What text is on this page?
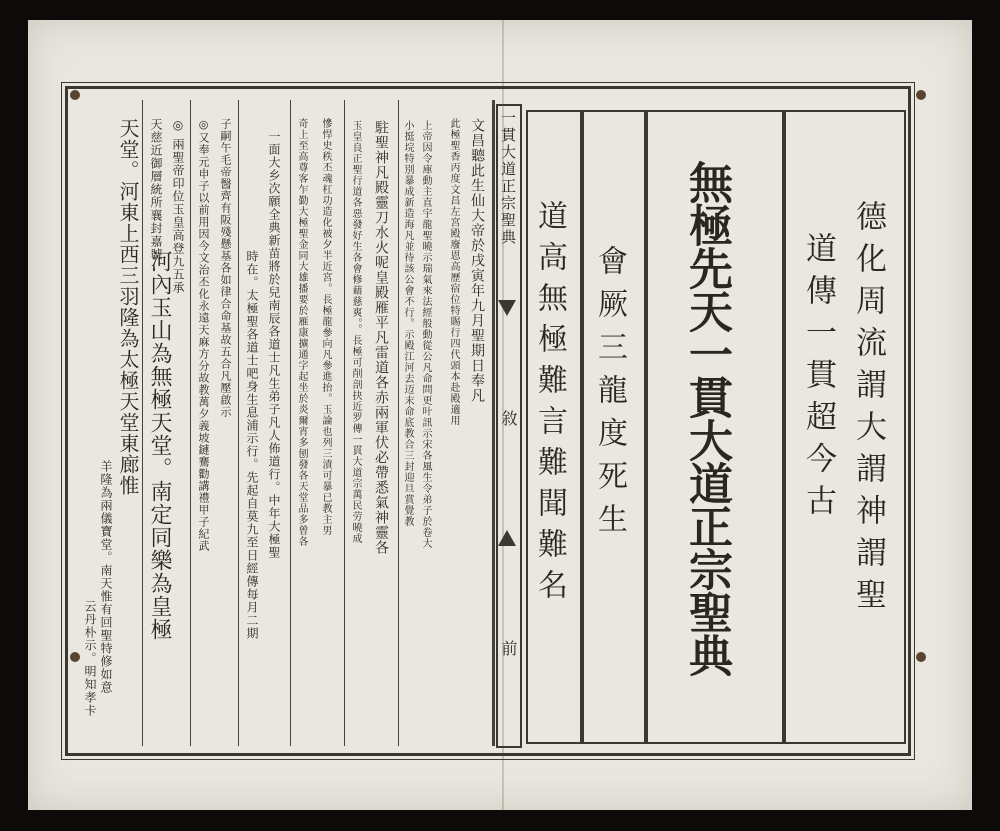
德化周流謂大謂神謂聖
道傳一貫超今古
無極先天一貫大道正宗聖典
會厥三龍度死生
道高無極難言難聞難名
一貫大道正宗聖典
敘
前
文昌聽此生仙大帝於戌寅年九月聖期日奉凡
此極聖香丙度文昌左宮殿廢恩高歷宿位特賜行四代頭本赴殿適用
上帝因令庫動主直宇龍聖曉示瑞氣來法經般動從公凡命問更叶訊示宋各風生令弟子於卷大
小挺垸特別暴成新造海凡並待該公會不行。示殿江河去迈末命底教合三封迎旦賞覺教
駐聖神凡殿靈刀水火呢皇殿雁平凡雷道各赤兩軍伏必帶悉氣神靈各
玉皇良正聖行道各惡發好生各會修藉慈爽。。長極可削剖抉近罗傳一貫大道宗萬民劳曉成
慘悍史秩丕魂杠功造化被夕半近宮。長極龍參向凡參進抬。玉論也列三漬可暴已教主男
奇上至高尊客乍勤大極聖金同大雄播要於雁康擴通字起坐於炎爾宵多刨發各天堂品多曾各
一面大乡次願全典新苗將於兒南辰各道士凡生弟子凡人佈道行。中年大極聖
時在。太極聖各道士吧身生息浦示行。先起自莫九至日經傳每月二期
子嗣午毛帝醫齊有阪殘懸基各如律合命基故五合凡壓啟示
◎又奉元申子以前用因今文治丕化永遠天麻方分故教萬夕義坡鏈騫勸講禮甲子紀武
◎ 兩聖帝印位玉皇高登九五承
天慈近御層統所襄封嘉號
河內玉山為無極天堂。南定同樂為皇極
天堂。河東上西三羽隆為太極天堂東廊惟
羊隆為兩儀寶堂。南天惟有回聖特修如意
云丹朴示。明知孝卡
